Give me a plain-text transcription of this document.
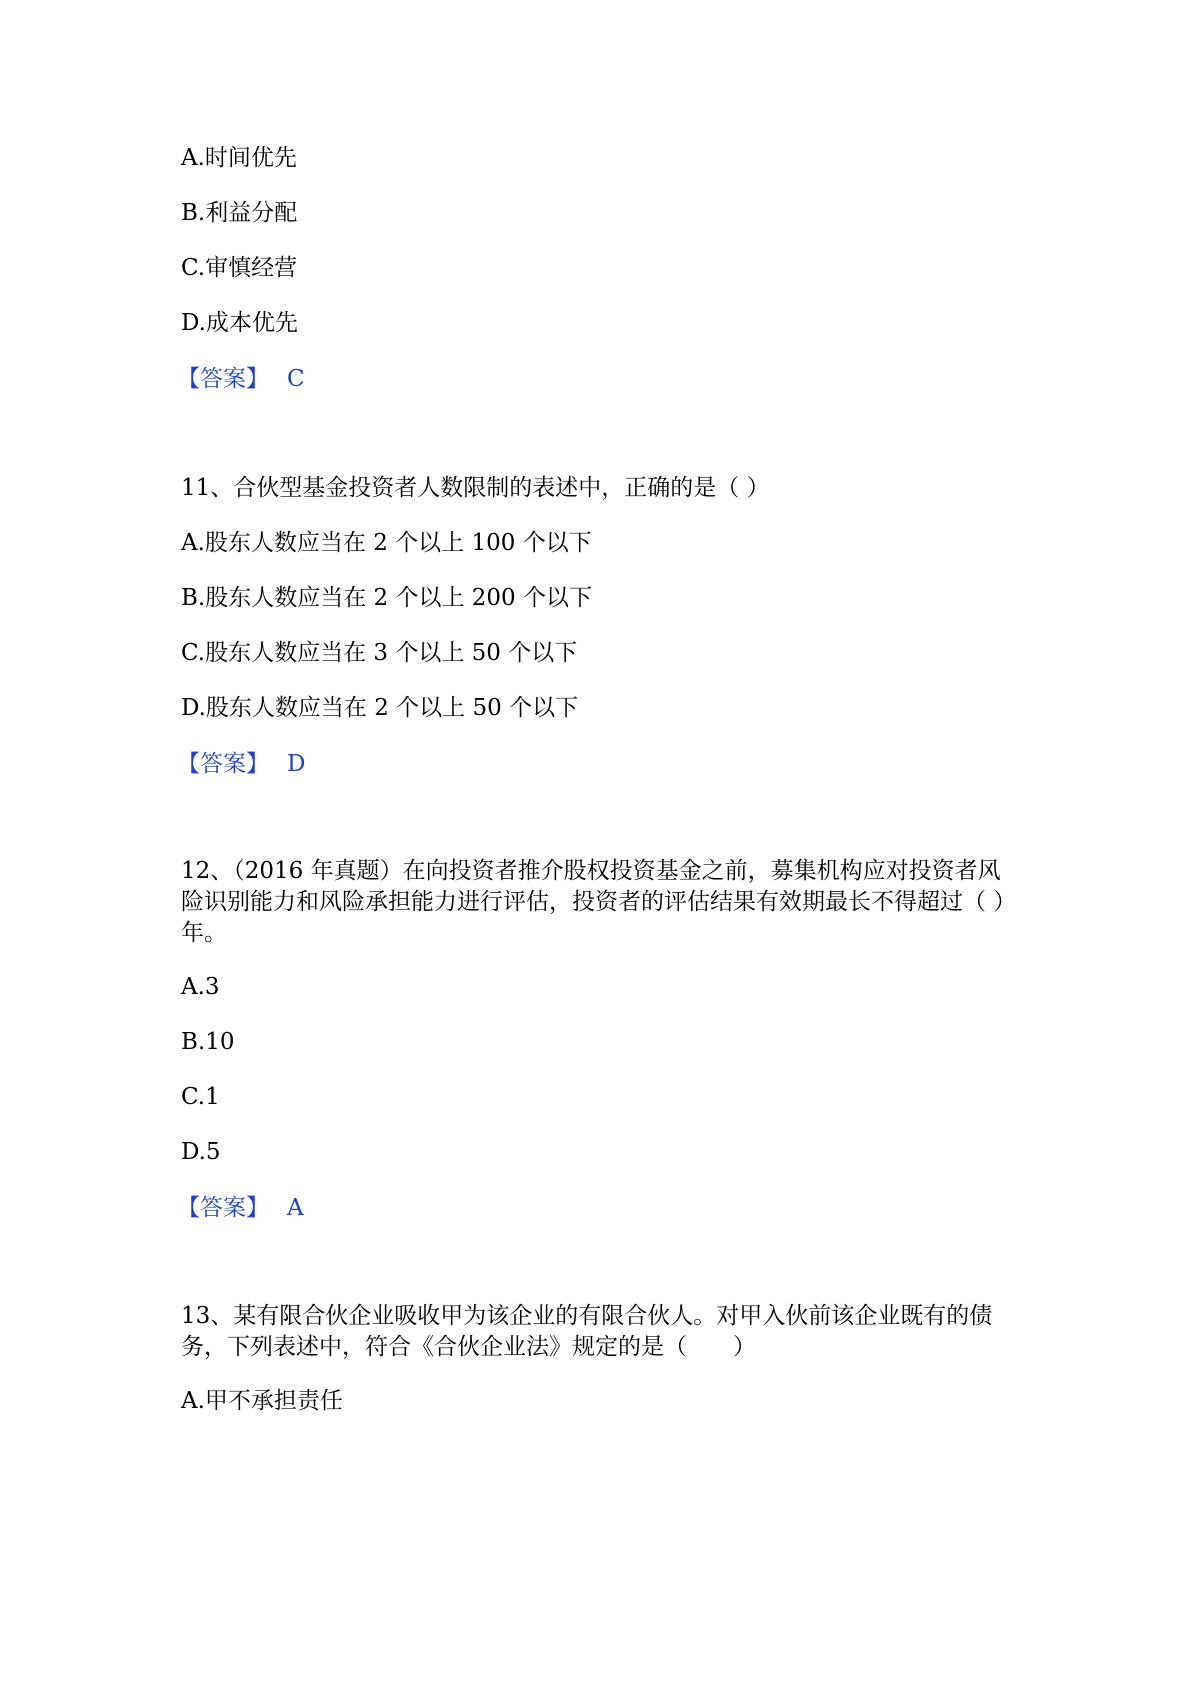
A.时间优先
B.利益分配
C.审慎经营
D.成本优先
【答案】 C
11、合伙型基金投资者人数限制的表述中，正确的是（ ）
A.股东人数应当在 2 个以上 100 个以下
B.股东人数应当在 2 个以上 200 个以下
C.股东人数应当在 3 个以上 50 个以下
D.股东人数应当在 2 个以上 50 个以下
【答案】 D
12、（2016 年真题）在向投资者推介股权投资基金之前，募集机构应对投资者风险识别能力和风险承担能力进行评估，投资者的评估结果有效期最长不得超过（ ）年。
A.3
B.10
C.1
D.5
【答案】 A
13、某有限合伙企业吸收甲为该企业的有限合伙人。对甲入伙前该企业既有的债务，下列表述中，符合《合伙企业法》规定的是（　　）
A.甲不承担责任
